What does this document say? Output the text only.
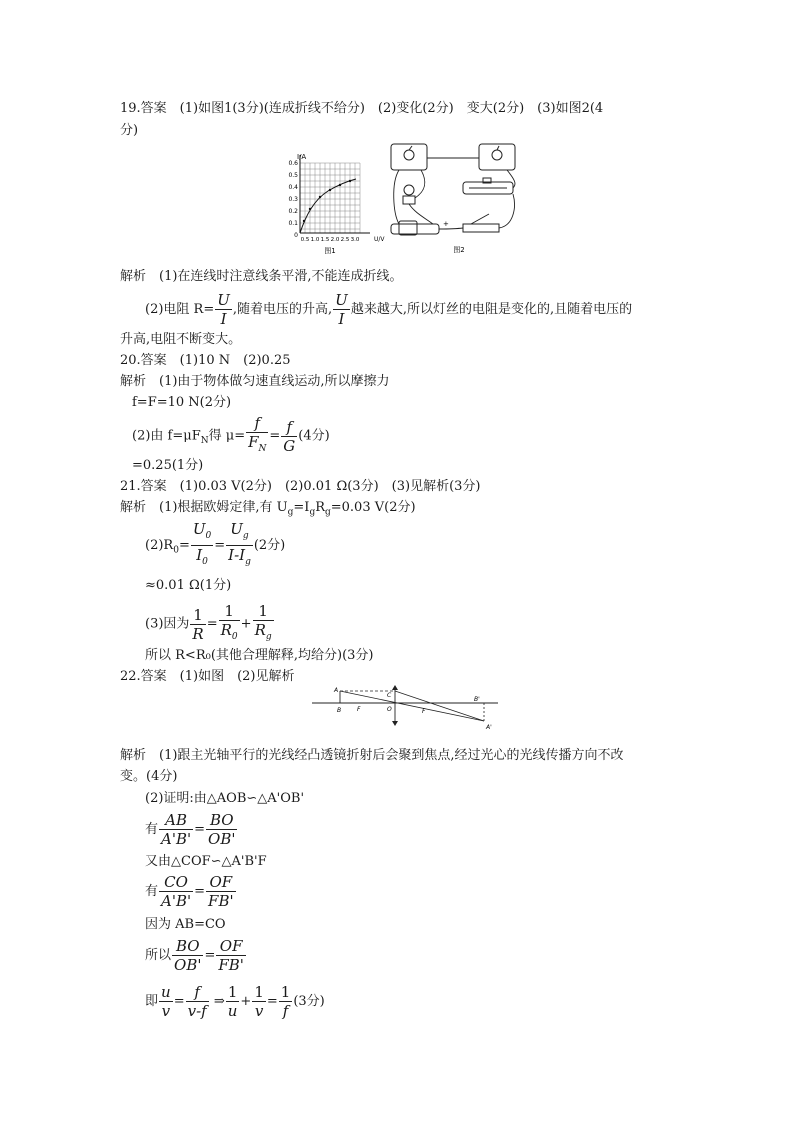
19.答案　(1)如图1(3分)(连成折线不给分)　(2)变化(2分)　变大(2分)　(3)如图2(4
分)
I/A
0.6
0.5
0.4
0.3
0.2
0.1
0
0.5 1.0 1.5 2.0 2.5 3.0 U/V
图1
+
图2
解析　(1)在连线时注意线条平滑,不能连成折线。
(2)电阻 $R= \frac{U}{I}$ ,随着电压的升高, $\frac{U}{I}$ 越来越大,所以灯丝的电阻是变化的,且随着电压的
升高,电阻不断变大。
20.答案　(1)10 N　(2)0.25
解析　(1)由于物体做匀速直线运动,所以摩擦力
f=F=10 N(2分)
(2)由 $f=\mu F_N$得 $\mu= \frac{f}{F_N} = \frac{f}{G} (4$分)
=0.25(1分)
21.答案　(1)0.03 V(2分)　(2)0.01 Ω(3分)　(3)见解析(3分)
解析　(1)根据欧姆定律,有 $U_g=I_gR_g=0.03$ V(2分)
$(2)R_0= \frac{U_0}{I_0} = \frac{U_g}{I-I_g} (2$分)
≈0.01 Ω(1分)
(3)因为 $\frac{1}{R} = \frac{1}{R_0} + \frac{1}{R_g}$
所以 R<R₀(其他合理解释,均给分)(3分)
22.答案　(1)如图　(2)见解析
A
B	F	O
C
F
B'
A'
解析　(1)跟主光轴平行的光线经凸透镜折射后会聚到焦点,经过光心的光线传播方向不改
变。(4分)
(2)证明:由△AOB∽△A'OB'
有 $\frac{AB}{A'B'} = \frac{BO}{OB'}$
又由△COF∽△A'B'F
有 $\frac{CO}{A'B'} = \frac{OF}{FB'}$
因为 AB=CO
所以 $\frac{BO}{OB'} = \frac{OF}{FB'}$
即 $\frac{u}{v} = \frac{f}{v-f}$ ⇒ $\frac{1}{u} + \frac{1}{v} = \frac{1}{f} (3$分)
